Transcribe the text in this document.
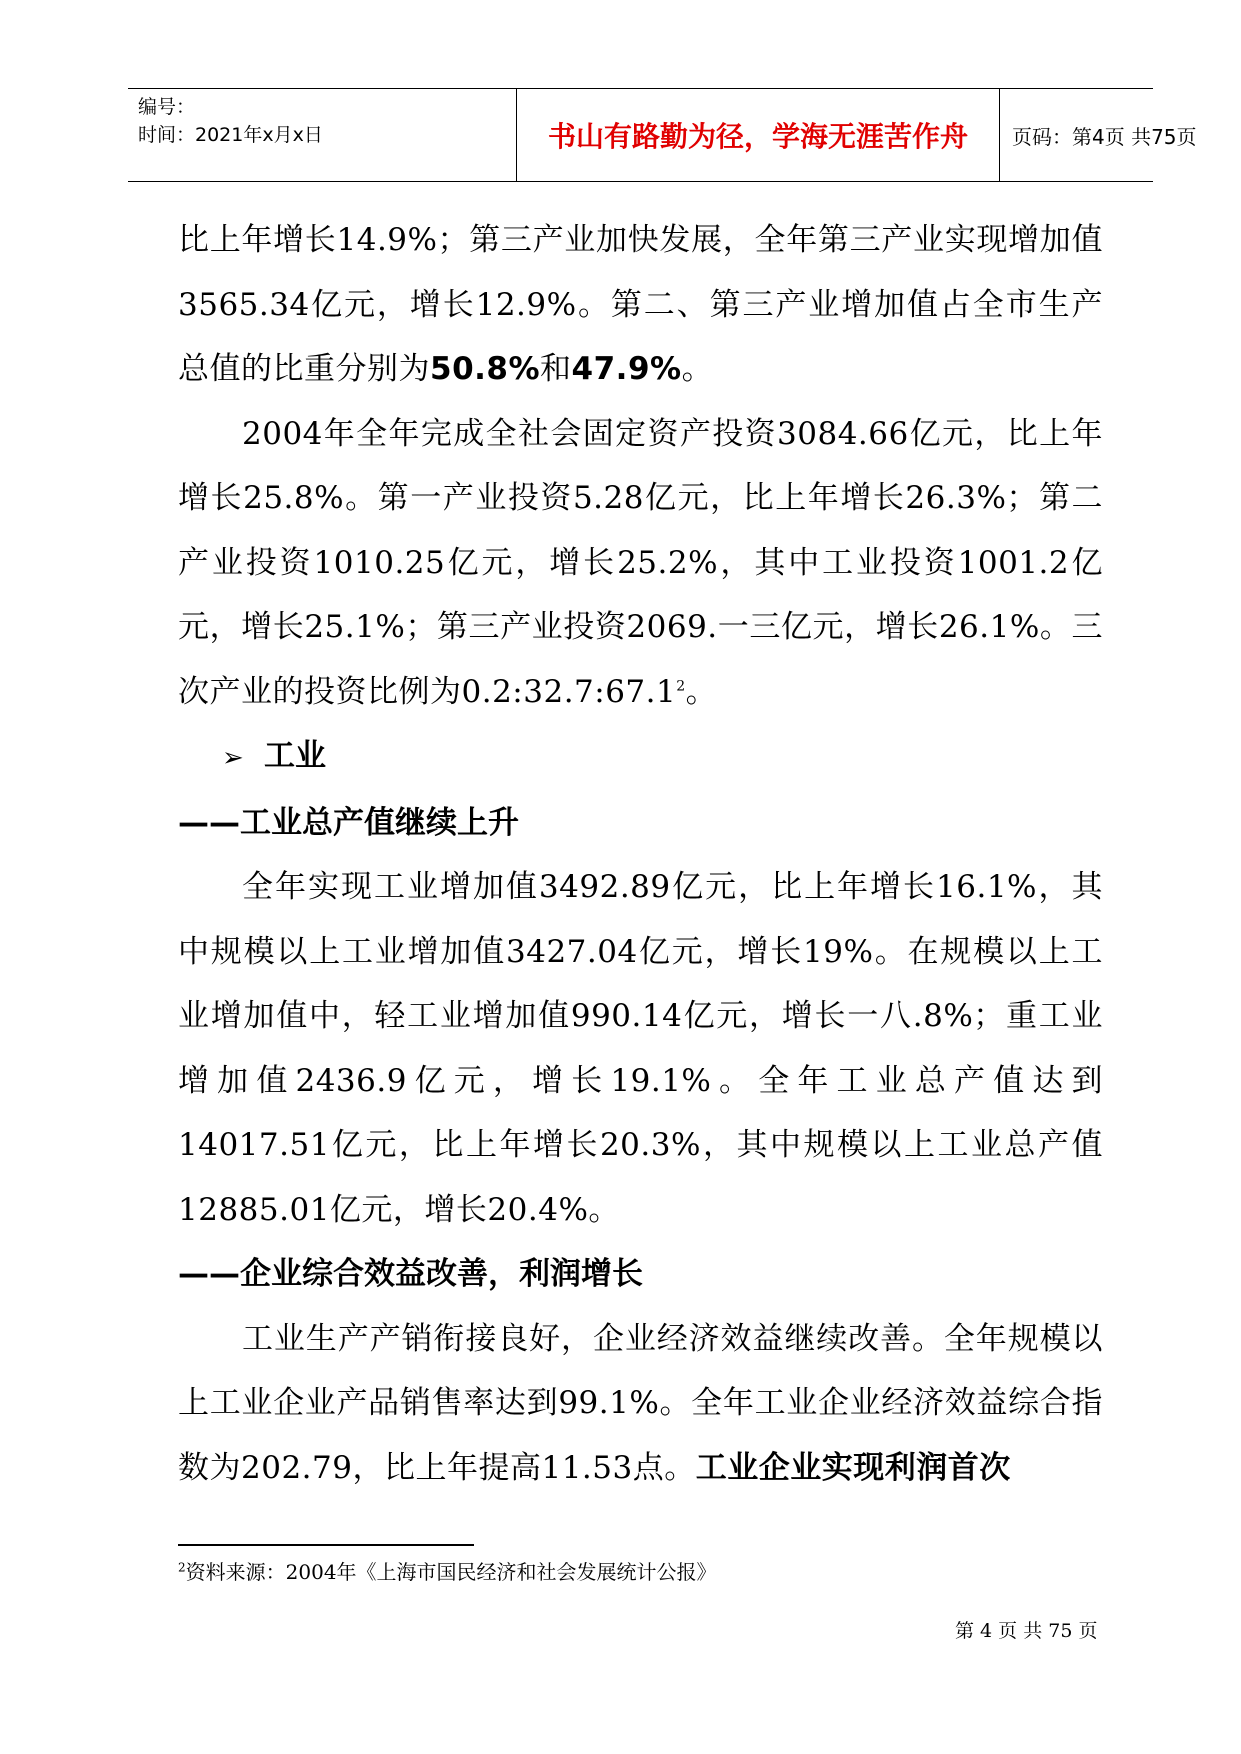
编号：
时间：2021年x月x日	书山有路勤为径，学海无涯苦作舟	页码：第4页 共75页

比上年增长14.9%；第三产业加快发展，全年第三产业实现增加值3565.34亿元，增长12.9%。第二、第三产业增加值占全市生产总值的比重分别为50.8%和47.9%。

2004年全年完成全社会固定资产投资3084.66亿元，比上年增长25.8%。第一产业投资5.28亿元，比上年增长26.3%；第二产业投资1010.25亿元，增长25.2%，其中工业投资1001.2亿元，增长25.1%；第三产业投资2069.一三亿元，增长26.1%。三次产业的投资比例为0.2:32.7:67.1$^2$。

➢ 工业
——工业总产值继续上升

全年实现工业增加值3492.89亿元，比上年增长16.1%，其中规模以上工业增加值3427.04亿元，增长19%。在规模以上工业增加值中，轻工业增加值990.14亿元，增长一八.8%；重工业增加值2436.9亿元，增长19.1%。全年工业总产值达到14017.51亿元，比上年增长20.3%，其中规模以上工业总产值12885.01亿元，增长20.4%。

——企业综合效益改善，利润增长

工业生产产销衔接良好，企业经济效益继续改善。全年规模以上工业企业产品销售率达到99.1%。全年工业企业经济效益综合指数为202.79，比上年提高11.53点。工业企业实现利润首次

$^2$资料来源：2004年《上海市国民经济和社会发展统计公报》
第 4 页 共 75 页
